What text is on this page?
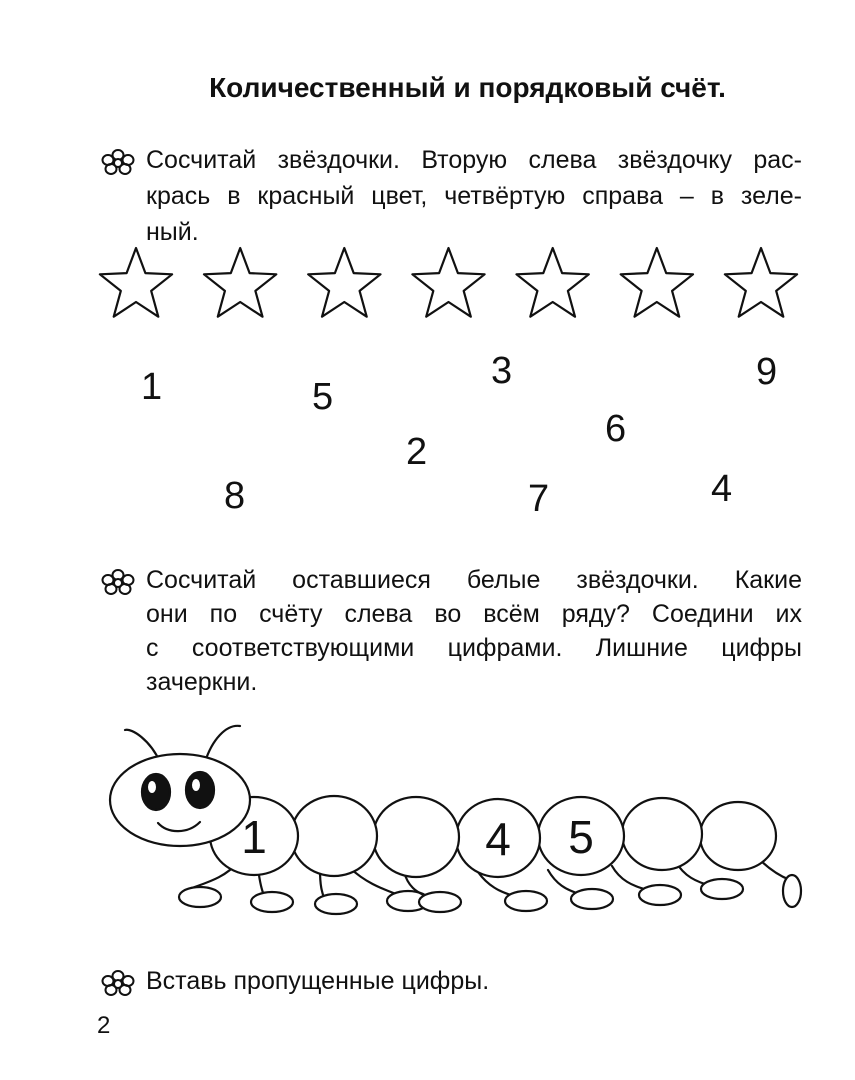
Количественный и порядковый счёт.
Сосчитай звёздочки. Вторую слева звёздочку рас-
крась в красный цвет, четвёртую справа – в зеле-
ный.
1	5
8
2
3
7
6
4
9
Сосчитай оставшиеся белые звёздочки. Какие
они по счёту слева во всём ряду? Соедини их
с соответствующими цифрами. Лишние цифры
зачеркни.
1	4 5
Вставь пропущенные цифры.
2
